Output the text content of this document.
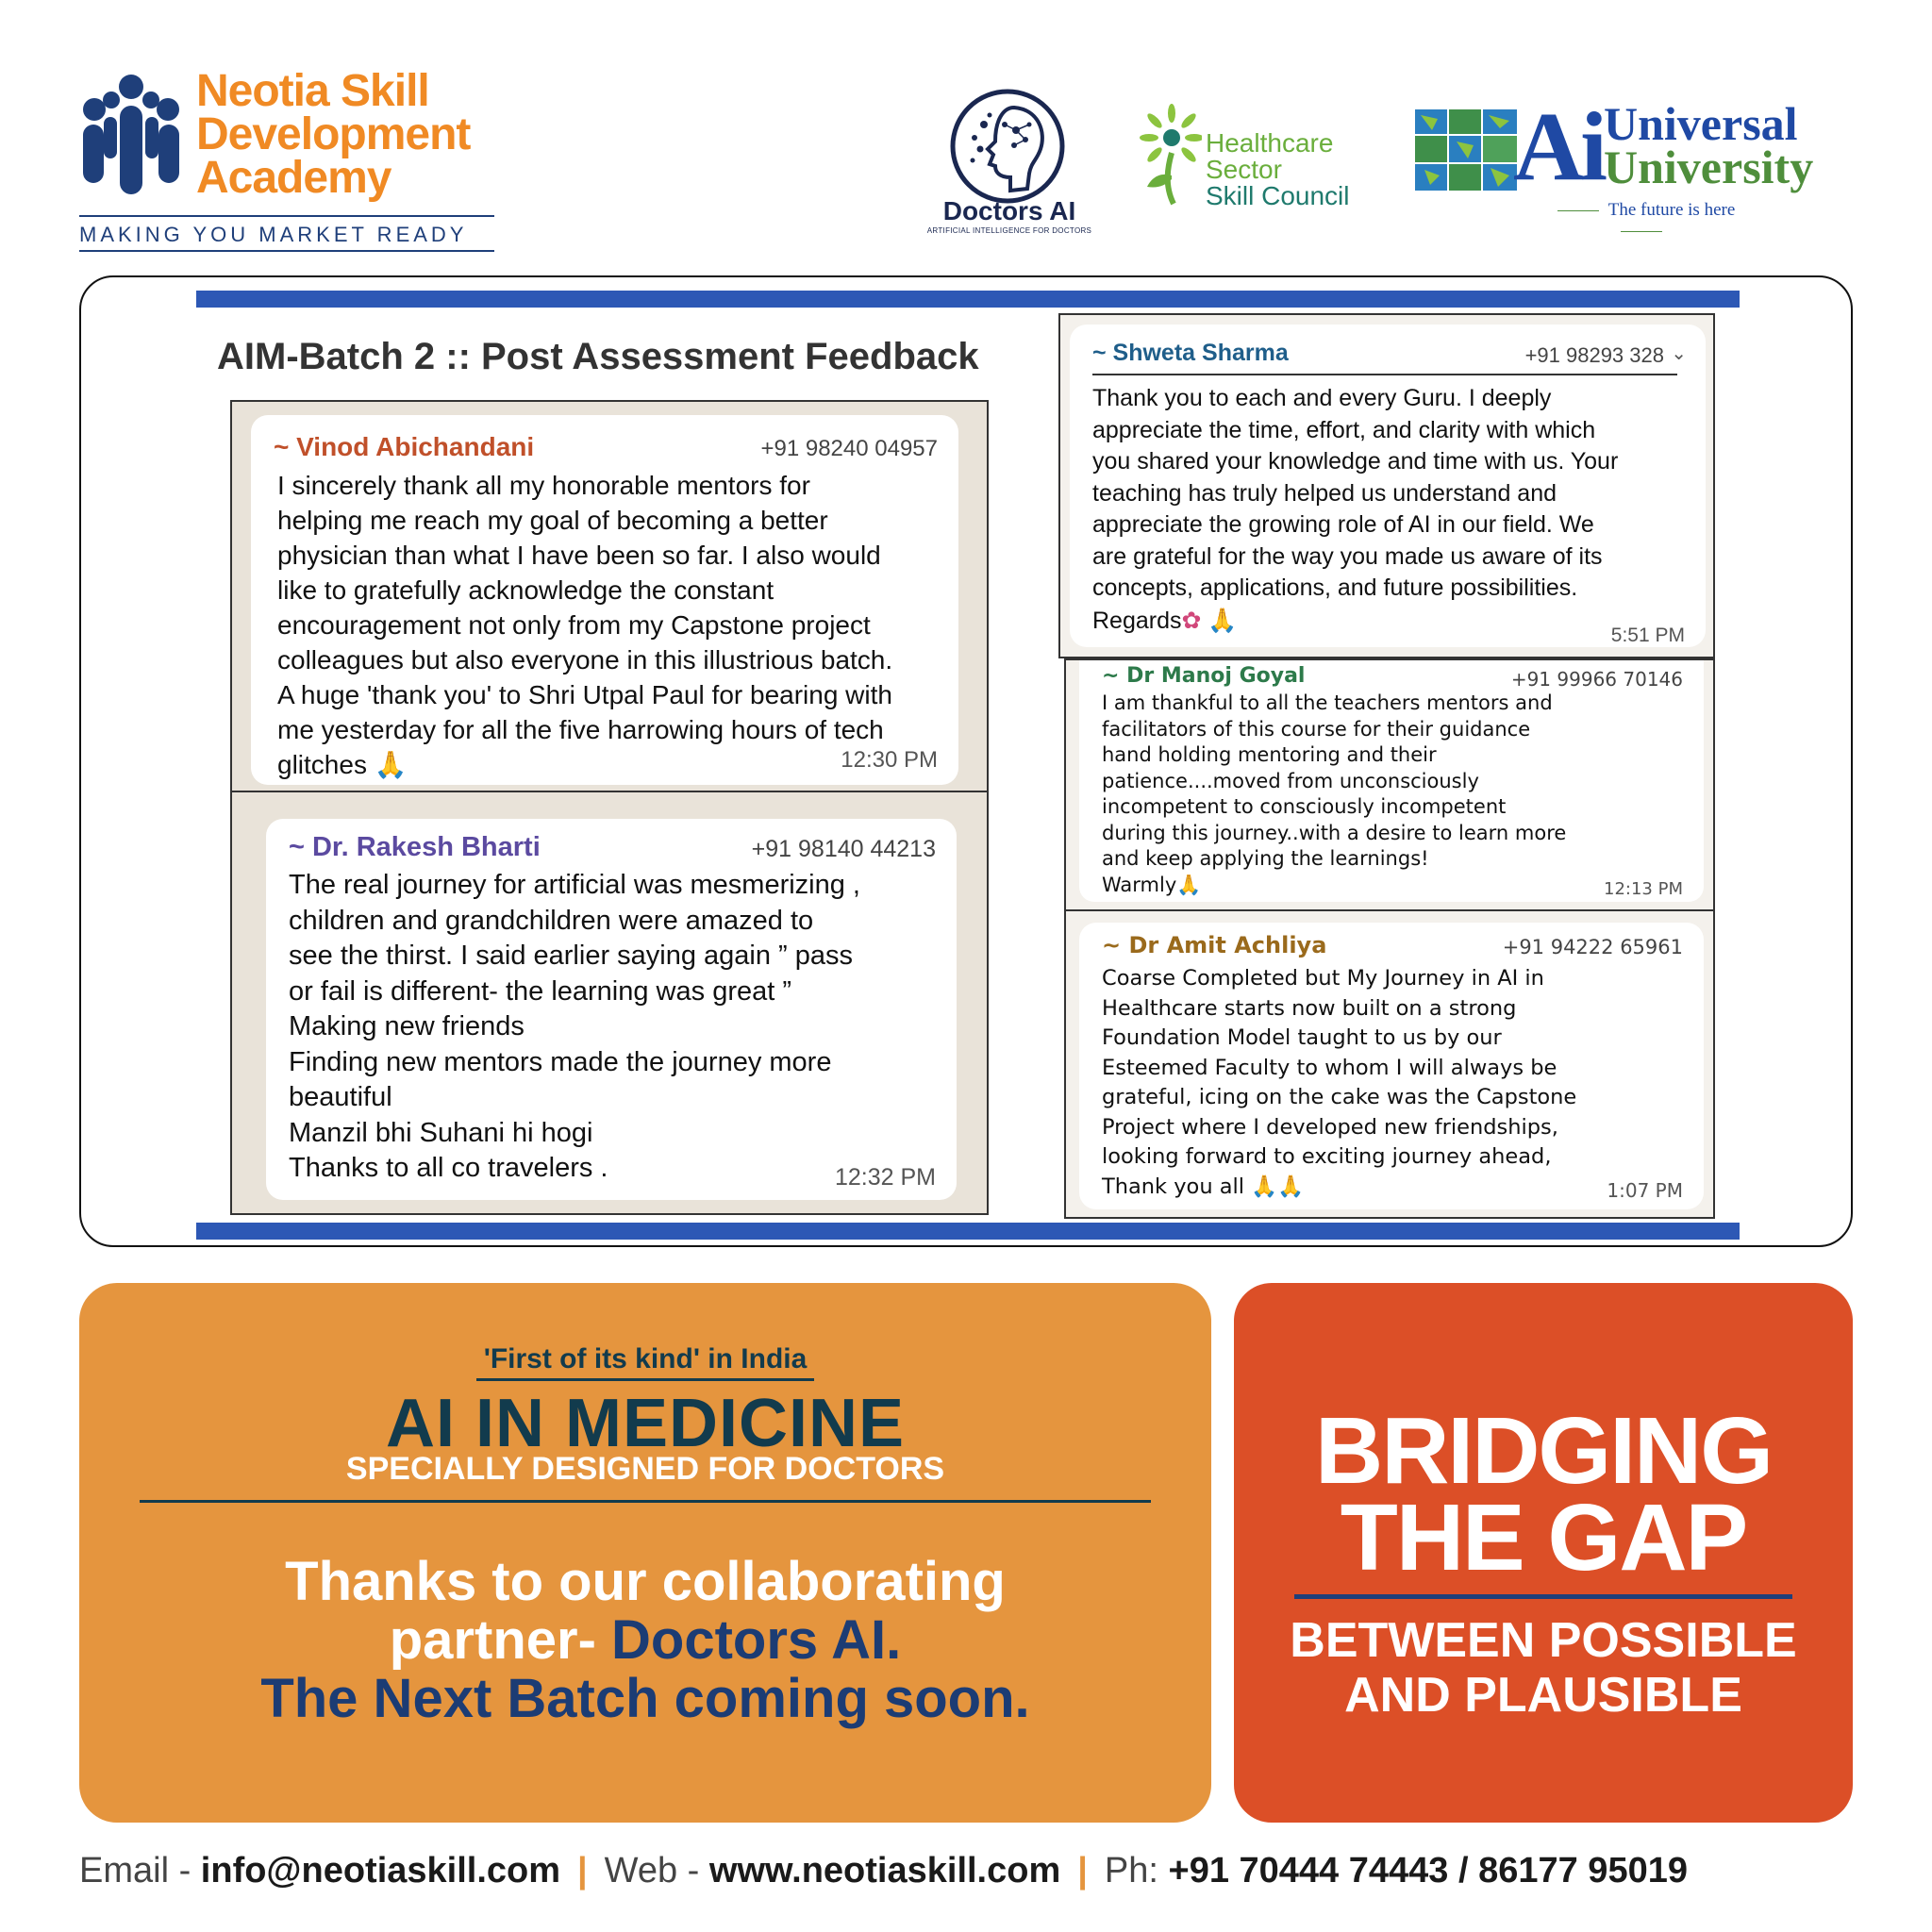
Neotia Skill
Development
Academy
MAKING YOU MARKET READY
Doctors AI
ARTIFICIAL INTELLIGENCE FOR DOCTORS
Healthcare
Sector
Skill Council Ai Universal
University
The future is here
AIM-Batch 2 :: Post Assessment Feedback
~ Vinod Abichandani	+91 98240 04957
I sincerely thank all my honorable mentors for
helping me reach my goal of becoming a better
physician than what I have been so far. I also would
like to gratefully acknowledge the constant
encouragement not only from my Capstone project
colleagues but also everyone in this illustrious batch.
A huge 'thank you' to Shri Utpal Paul for bearing with
me yesterday for all the five harrowing hours of tech
glitches 🙏	12:30 PM
~ Dr. Rakesh Bharti	+91 98140 44213
The real journey for artificial was mesmerizing ,
children and grandchildren were amazed to
see the thirst. I said earlier saying again ” pass
or fail is different- the learning was great ”
Making new friends
Finding new mentors made the journey more
beautiful
Manzil bhi Suhani hi hogi
Thanks to all co travelers .	12:32 PM
~ Shweta Sharma	+91 98293 328 ⌄
Thank you to each and every Guru. I deeply
appreciate the time, effort, and clarity with which
you shared your knowledge and time with us. Your
teaching has truly helped us understand and
appreciate the growing role of AI in our field. We
are grateful for the way you made us aware of its
concepts, applications, and future possibilities.
Regards✿ 🙏
5:51 PM
~ Dr Manoj Goyal	+91 99966 70146
I am thankful to all the teachers mentors and
facilitators of this course for their guidance
hand holding mentoring and their
patience....moved from unconsciously
incompetent to consciously incompetent
during this journey..with a desire to learn more
and keep applying the learnings!
Warmly🙏	12:13 PM
~ Dr Amit Achliya	+91 94222 65961
Coarse Completed but My Journey in AI in
Healthcare starts now built on a strong
Foundation Model taught to us by our
Esteemed Faculty to whom I will always be
grateful, icing on the cake was the Capstone
Project where I developed new friendships,
looking forward to exciting journey ahead,
Thank you all 🙏🙏	1:07 PM
'First of its kind' in India
AI IN MEDICINE
SPECIALLY DESIGNED FOR DOCTORS
Thanks to our collaborating
partner- Doctors AI.
The Next Batch coming soon.
BRIDGING
THE GAP
BETWEEN POSSIBLE
AND PLAUSIBLE
Email - info@neotiaskill.com | Web - www.neotiaskill.com | Ph: +91 70444 74443 / 86177 95019
